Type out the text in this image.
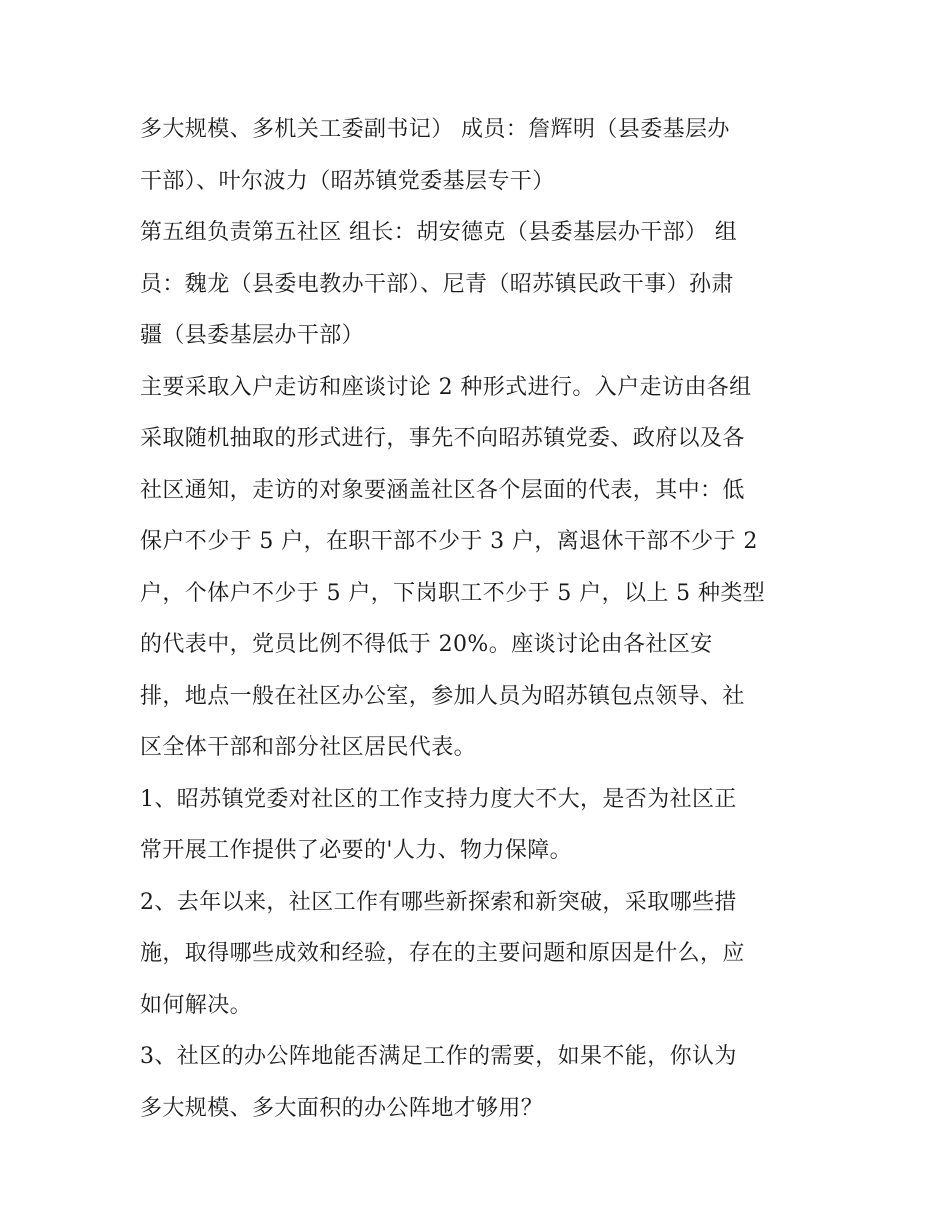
多大规模、多机关工委副书记） 成员：詹辉明（县委基层办
干部）、叶尔波力（昭苏镇党委基层专干）
第五组负责第五社区 组长：胡安德克（县委基层办干部） 组
员：魏龙（县委电教办干部）、尼青（昭苏镇民政干事）孙肃
疆（县委基层办干部）
主要采取入户走访和座谈讨论 2 种形式进行。入户走访由各组
采取随机抽取的形式进行，事先不向昭苏镇党委、政府以及各
社区通知，走访的对象要涵盖社区各个层面的代表，其中：低
保户不少于 5 户，在职干部不少于 3 户，离退休干部不少于 2
户，个体户不少于 5 户，下岗职工不少于 5 户，以上 5 种类型
的代表中，党员比例不得低于 20%。座谈讨论由各社区安
排，地点一般在社区办公室，参加人员为昭苏镇包点领导、社
区全体干部和部分社区居民代表。
1、昭苏镇党委对社区的工作支持力度大不大，是否为社区正
常开展工作提供了必要的'人力、物力保障。
2、去年以来，社区工作有哪些新探索和新突破，采取哪些措
施，取得哪些成效和经验，存在的主要问题和原因是什么，应
如何解决。
3、社区的办公阵地能否满足工作的需要，如果不能，你认为
多大规模、多大面积的办公阵地才够用？
